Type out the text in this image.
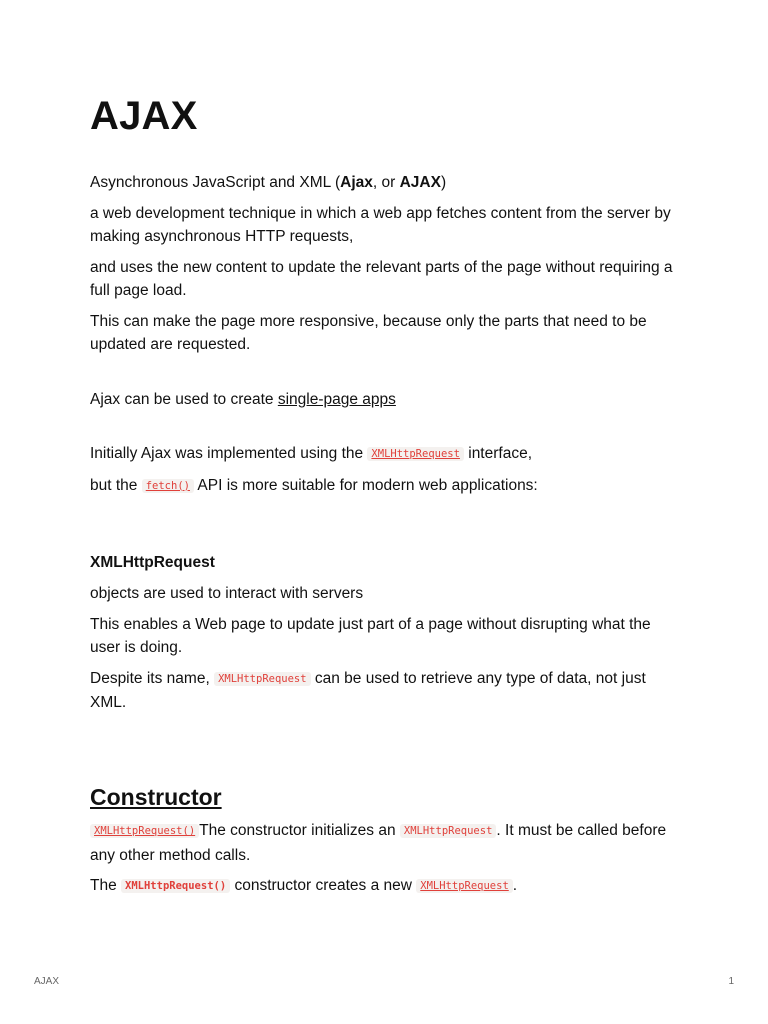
AJAX

Asynchronous JavaScript and XML (Ajax, or AJAX)

a web development technique in which a web app fetches content from the server by making asynchronous HTTP requests,

and uses the new content to update the relevant parts of the page without requiring a full page load.

This can make the page more responsive, because only the parts that need to be updated are requested.

Ajax can be used to create single-page apps

Initially Ajax was implemented using the XMLHttpRequest interface,

but the fetch() API is more suitable for modern web applications:

XMLHttpRequest

objects are used to interact with servers

This enables a Web page to update just part of a page without disrupting what the user is doing.

Despite its name, XMLHttpRequest can be used to retrieve any type of data, not just XML.

Constructor

XMLHttpRequest() The constructor initializes an XMLHttpRequest . It must be called before any other method calls.

The XMLHttpRequest() constructor creates a new XMLHttpRequest .

AJAX	1
